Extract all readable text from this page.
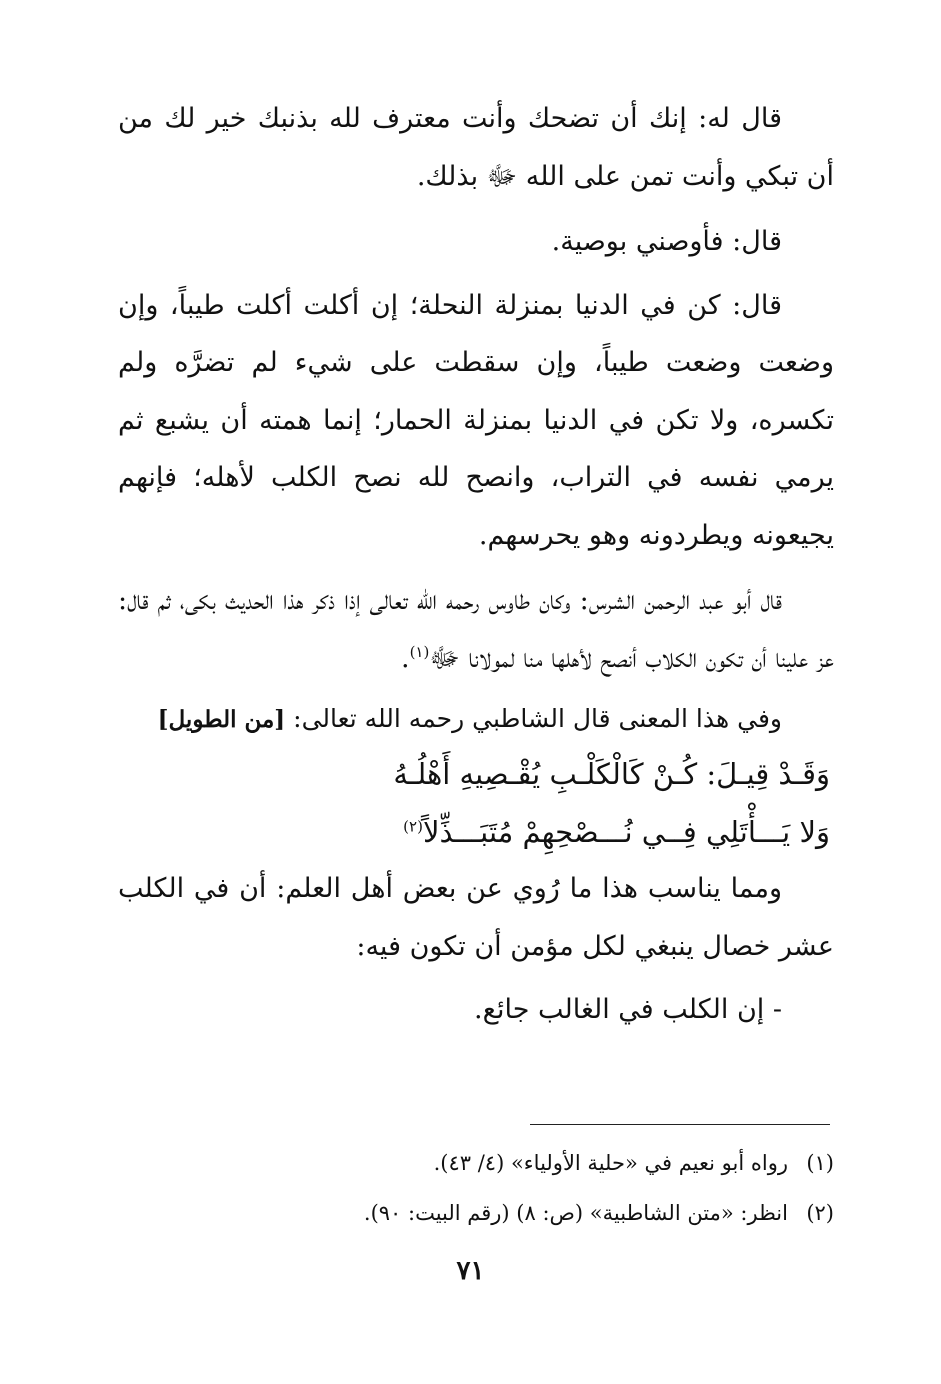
قال له: إنك أن تضحك وأنت معترف لله بذنبك خير لك من أن تبكي وأنت تمن على الله ﷻ بذلك.

قال: فأوصني بوصية.

قال: كن في الدنيا بمنزلة النحلة؛ إن أكلت أكلت طيباً، وإن وضعت وضعت طيباً، وإن سقطت على شيء لم تضرَّه ولم تكسره، ولا تكن في الدنيا بمنزلة الحمار؛ إنما همته أن يشبع ثم يرمي نفسه في التراب، وانصح لله نصح الكلب لأهله؛ فإنهم يجيعونه ويطردونه وهو يحرسهم.

قال أبو عبد الرحمن الشرس: وكان طاوس رحمه الله تعالى إذا ذكر هذا الحديث بكى، ثم قال: عز علينا أن تكون الكلاب أنصح لأهلها منا لمولانا ﷻ$^{(١)}$.

وفي هذا المعنى قال الشاطبي رحمه الله تعالى: [من الطويل]

وَقَـدْ قِيـلَ: كُـنْ كَالْكَلْـبِ يُقْـصِيهِ أَهْلُـهُ

وَلا يَـــأْتَلِي فِــي نُـــصْحِهِمْ مُتَبَـــذِّلاً$^{(٢)}$

ومما يناسب هذا ما رُوي عن بعض أهل العلم: أن في الكلب عشر خصال ينبغي لكل مؤمن أن تكون فيه:

- إن الكلب في الغالب جائع.

(١)رواه أبو نعيم في «حلية الأولياء» (٤/ ٤٣).

(٢)انظر: «متن الشاطبية» (ص: ٨) (رقم البيت: ٩٠).

٧١
